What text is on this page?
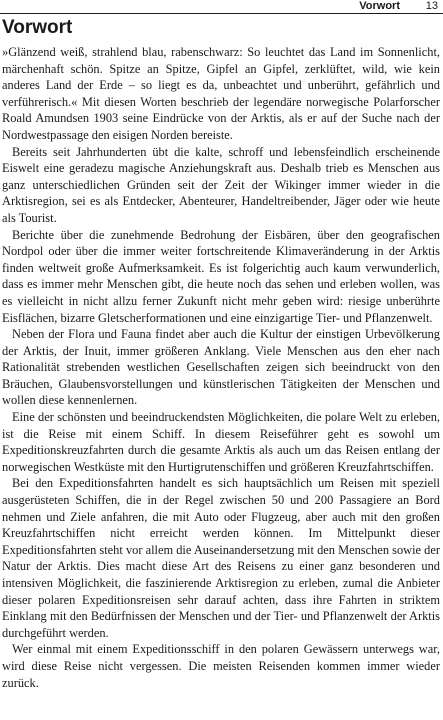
Vorwort 13
Vorwort

»Glänzend weiß, strahlend blau, rabenschwarz: So leuchtet das Land im Sonnenlicht, märchenhaft schön. Spitze an Spitze, Gipfel an Gipfel, zerklüftet, wild, wie kein anderes Land der Erde – so liegt es da, unbeachtet und unberührt, gefährlich und verführerisch.« Mit diesen Worten beschrieb der legendäre norwegische Polarforscher Roald Amundsen 1903 seine Eindrücke von der Arktis, als er auf der Suche nach der Nordwestpassage den eisigen Norden bereiste.

Bereits seit Jahrhunderten übt die kalte, schroff und lebensfeindlich erscheinende Eiswelt eine geradezu magische Anziehungskraft aus. Deshalb trieb es Menschen aus ganz unterschiedlichen Gründen seit der Zeit der Wikinger immer wieder in die Arktisregion, sei es als Entdecker, Abenteurer, Handeltreibender, Jäger oder wie heute als Tourist.

Berichte über die zunehmende Bedrohung der Eisbären, über den geografischen Nordpol oder über die immer weiter fortschreitende Klimaveränderung in der Arktis finden weltweit große Aufmerksamkeit. Es ist folgerichtig auch kaum verwunderlich, dass es immer mehr Menschen gibt, die heute noch das sehen und erleben wollen, was es vielleicht in nicht allzu ferner Zukunft nicht mehr geben wird: riesige unberührte Eisflächen, bizarre Gletscherformationen und eine einzigartige Tier- und Pflanzenwelt.

Neben der Flora und Fauna findet aber auch die Kultur der einstigen Urbevölkerung der Arktis, der Inuit, immer größeren Anklang. Viele Menschen aus den eher nach Rationalität strebenden westlichen Gesellschaften zeigen sich beeindruckt von den Bräuchen, Glaubensvorstellungen und künstlerischen Tätigkeiten der Menschen und wollen diese kennenlernen.

Eine der schönsten und beeindruckendsten Möglichkeiten, die polare Welt zu erleben, ist die Reise mit einem Schiff. In diesem Reiseführer geht es sowohl um Expeditionskreuzfahrten durch die gesamte Arktis als auch um das Reisen entlang der norwegischen Westküste mit den Hurtigrutenschiffen und größeren Kreuzfahrtschiffen.

Bei den Expeditionsfahrten handelt es sich hauptsächlich um Reisen mit speziell ausgerüsteten Schiffen, die in der Regel zwischen 50 und 200 Passagiere an Bord nehmen und Ziele anfahren, die mit Auto oder Flugzeug, aber auch mit den großen Kreuzfahrtschiffen nicht erreicht werden können. Im Mittelpunkt dieser Expeditionsfahrten steht vor allem die Auseinandersetzung mit den Menschen sowie der Natur der Arktis. Dies macht diese Art des Reisens zu einer ganz besonderen und intensiven Möglichkeit, die faszinierende Arktisregion zu erleben, zumal die Anbieter dieser polaren Expeditionsreisen sehr darauf achten, dass ihre Fahrten in striktem Einklang mit den Bedürfnissen der Menschen und der Tier- und Pflanzenwelt der Arktis durchgeführt werden.

Wer einmal mit einem Expeditionsschiff in den polaren Gewässern unterwegs war, wird diese Reise nicht vergessen. Die meisten Reisenden kommen immer wieder zurück.
